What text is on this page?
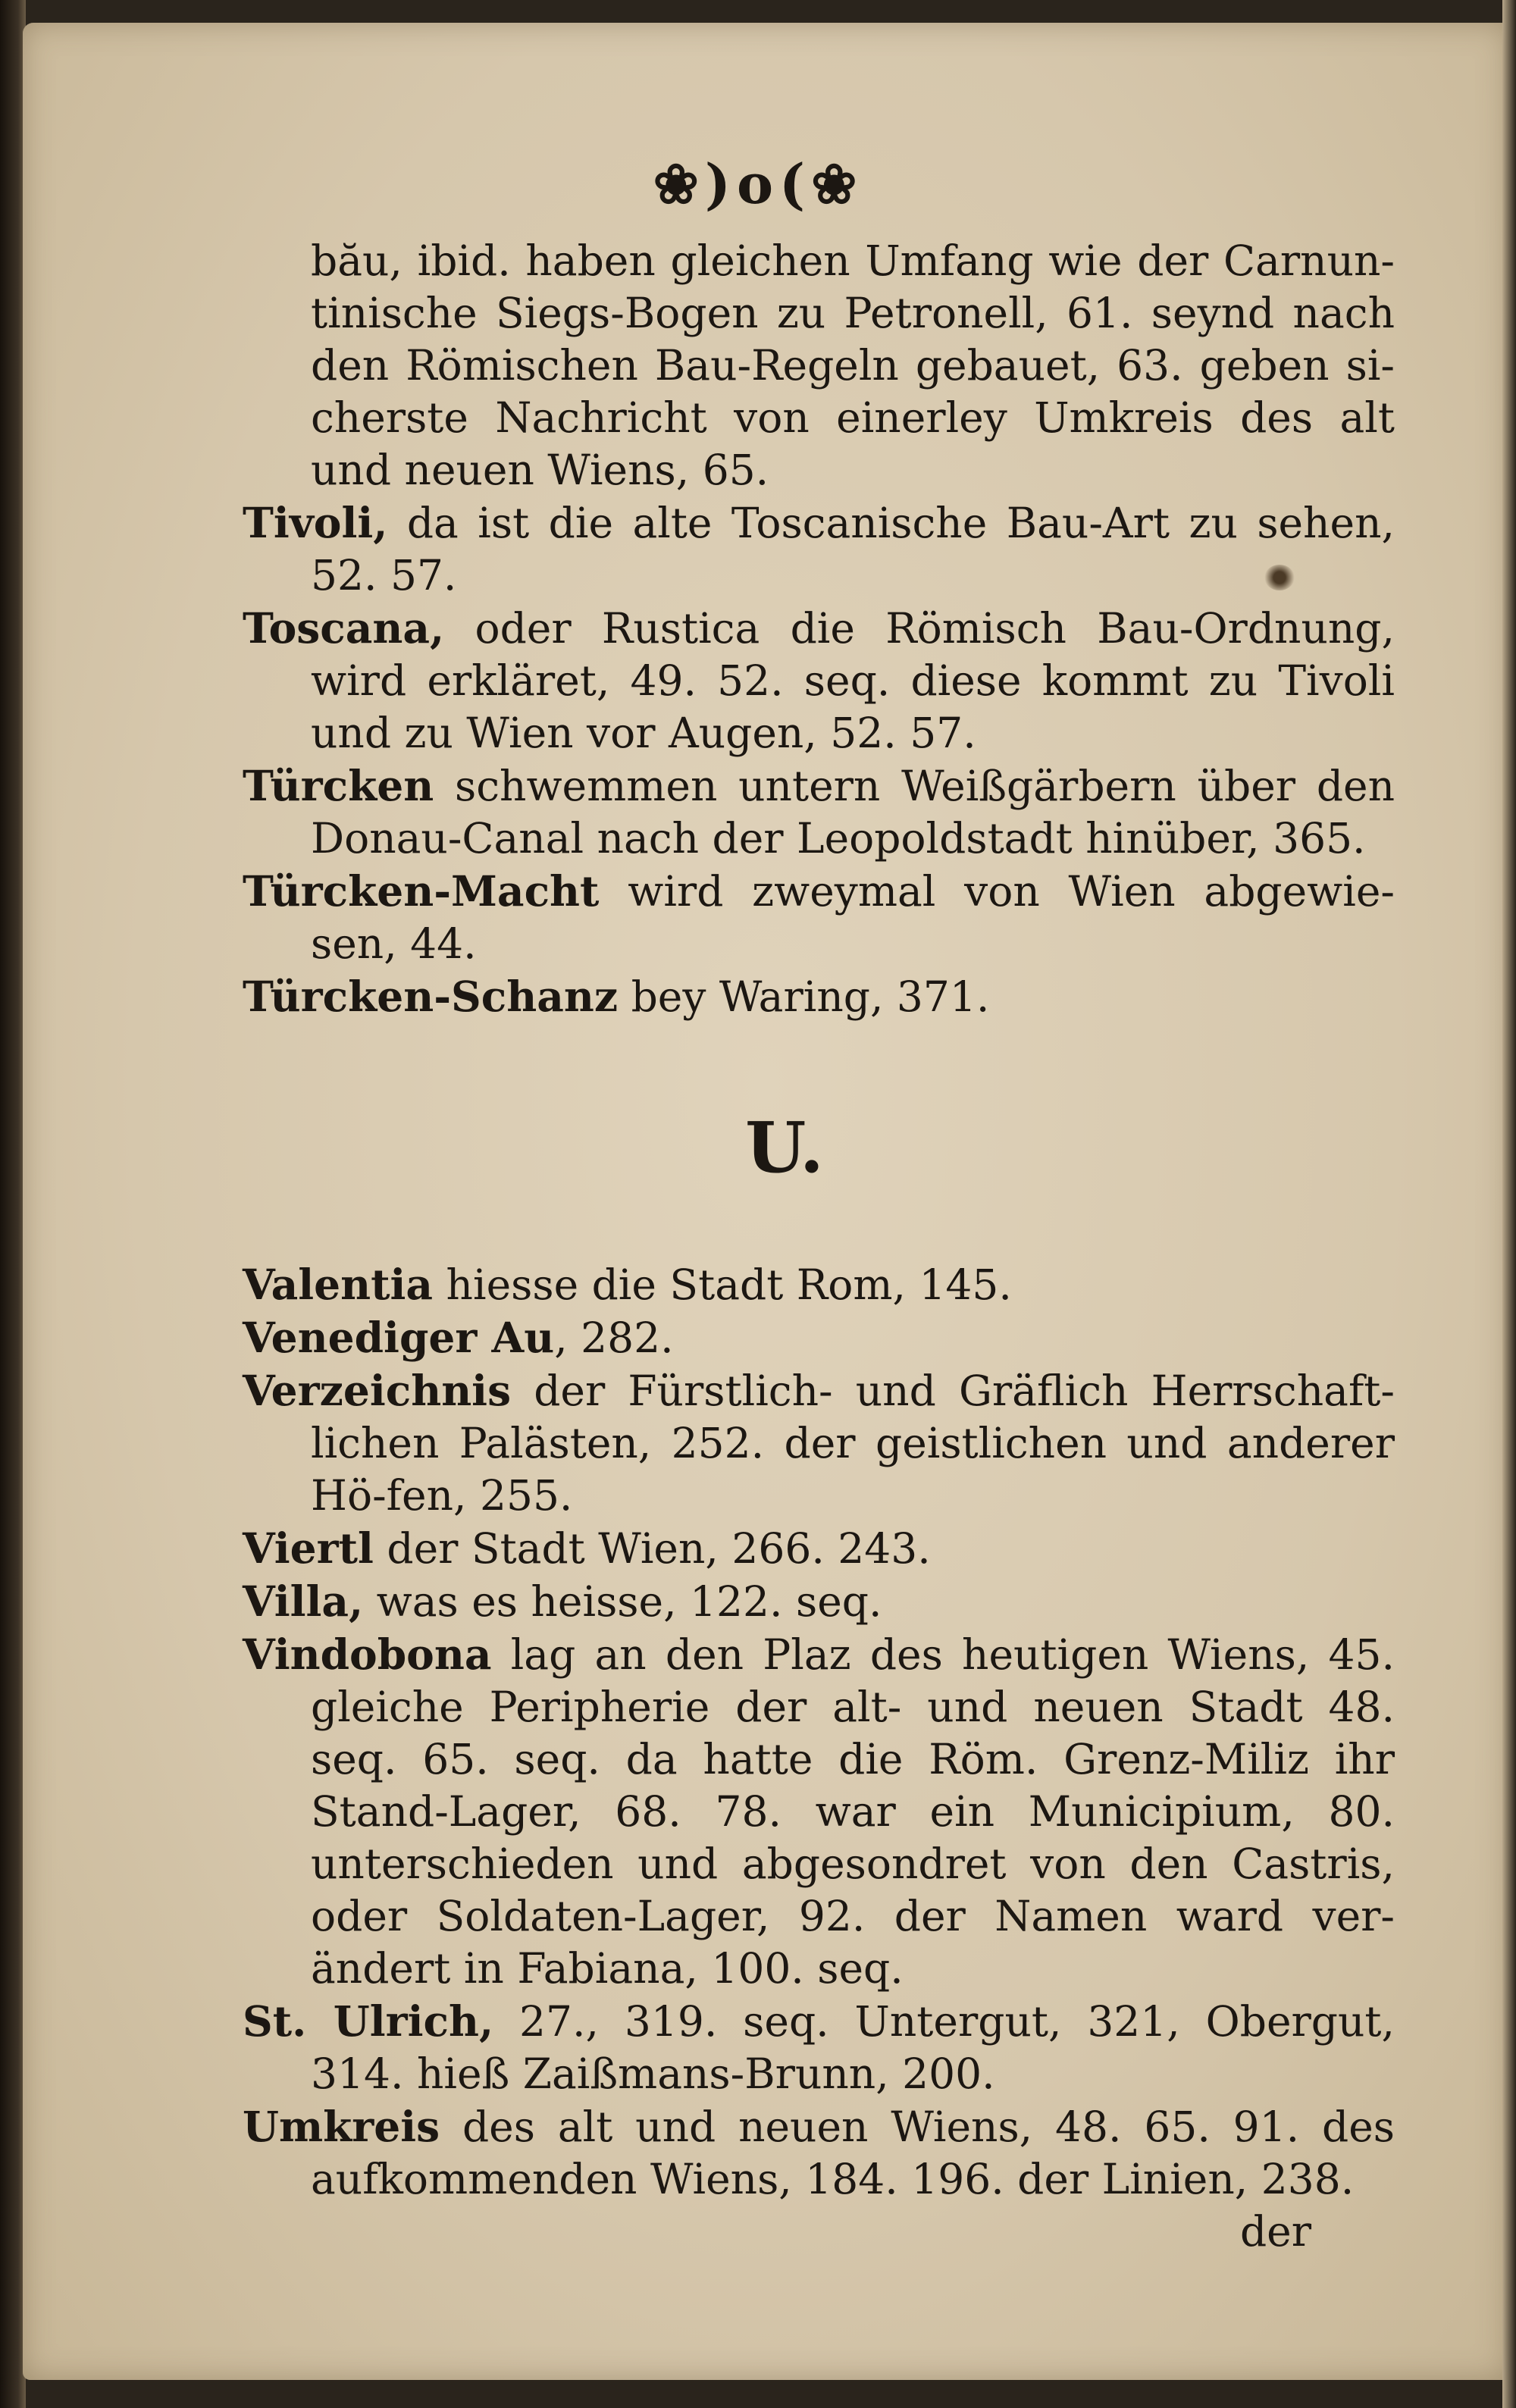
❀)o(❀

bău, ibid. haben gleichen Umfang wie der Carnun-tinische Siegs-Bogen zu Petronell, 61. seynd nach den Römischen Bau-Regeln gebauet, 63. geben si-cherste Nachricht von einerley Umkreis des alt und neuen Wiens, 65.

Tivoli, da ist die alte Toscanische Bau-Art zu sehen, 52. 57.

Toscana, oder Rustica die Römisch Bau-Ordnung, wird erkläret, 49. 52. seq. diese kommt zu Tivoli und zu Wien vor Augen, 52. 57.

Türcken schwemmen untern Weißgärbern über den Donau-Canal nach der Leopoldstadt hinüber, 365.

Türcken-Macht wird zweymal von Wien abgewie-sen, 44.

Türcken-Schanz bey Waring, 371.

U.

Valentia hiesse die Stadt Rom, 145.

Venediger Au, 282.

Verzeichnis der Fürstlich- und Gräflich Herrschaft-lichen Palästen, 252. der geistlichen und anderer Hö-fen, 255.

Viertl der Stadt Wien, 266. 243.

Villa, was es heisse, 122. seq.

Vindobona lag an den Plaz des heutigen Wiens, 45. gleiche Peripherie der alt- und neuen Stadt 48. seq. 65. seq. da hatte die Röm. Grenz-Miliz ihr Stand-Lager, 68. 78. war ein Municipium, 80. unterschieden und abgesondret von den Castris, oder Soldaten-Lager, 92. der Namen ward ver-ändert in Fabiana, 100. seq.

St. Ulrich, 27., 319. seq. Untergut, 321, Obergut, 314. hieß Zaißmans-Brunn, 200.

Umkreis des alt und neuen Wiens, 48. 65. 91. des aufkommenden Wiens, 184. 196. der Linien, 238.

der
